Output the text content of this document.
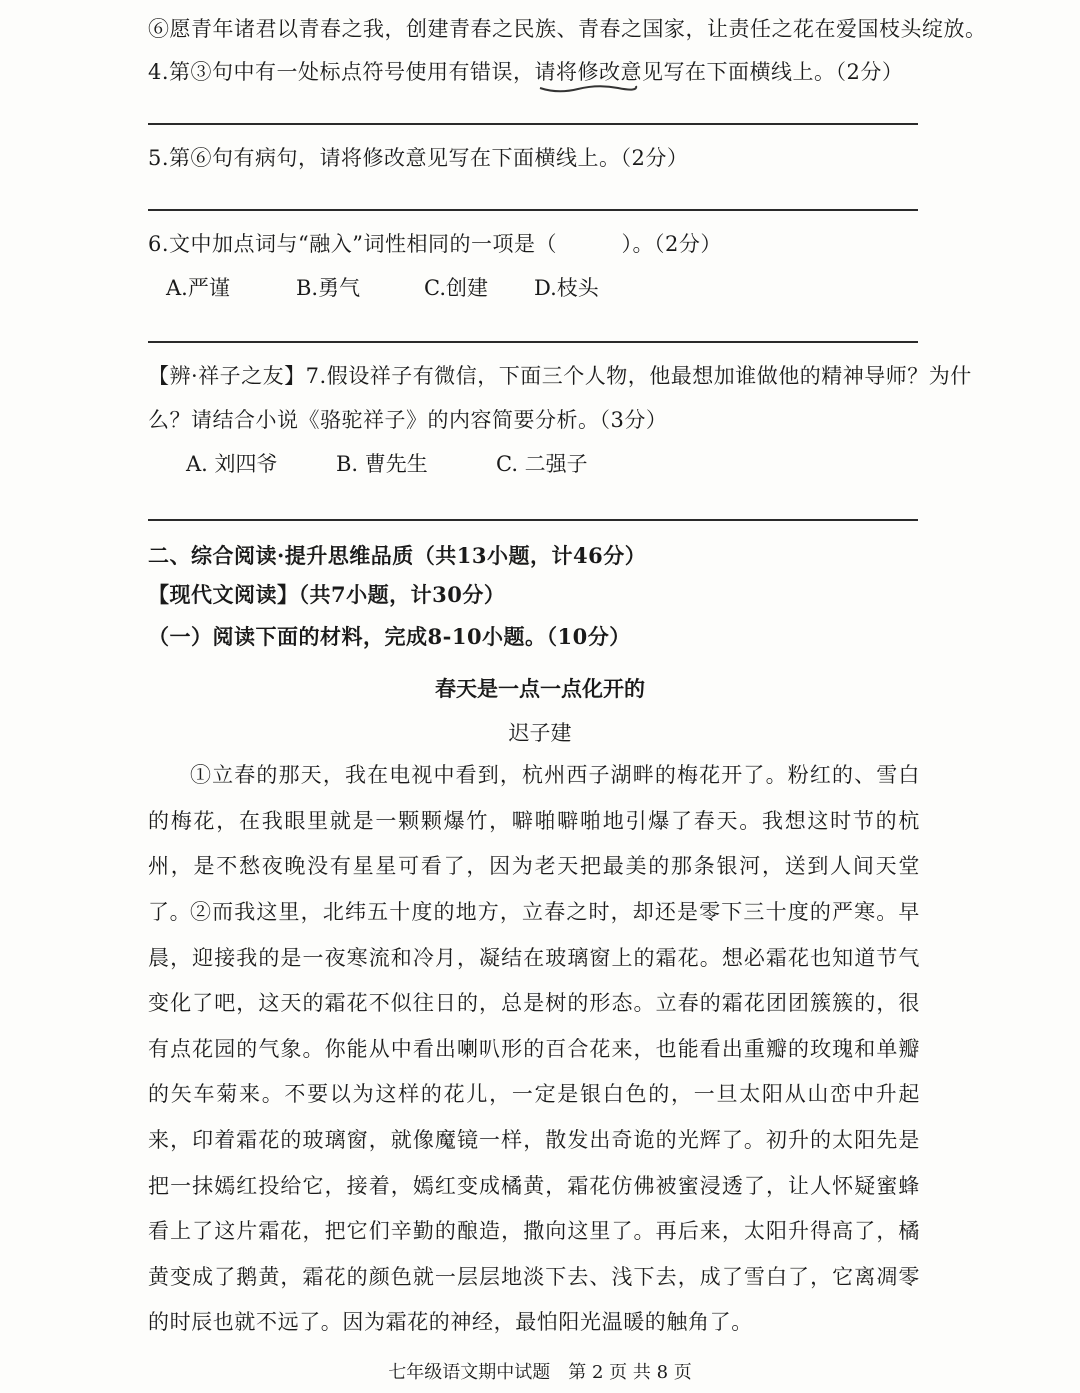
⑥愿青年诸君以青春之我，创建青春之民族、青春之国家，让责任之花在爱国枝头绽放。
4.第③句中有一处标点符号使用有错误，请将修改意见写在下面横线上。（2分）
5.第⑥句有病句，请将修改意见写在下面横线上。（2分）
6.文中加点词与“融入”词性相同的一项是（　　　）。（2分）
A.严谨	B.勇气	C.创建 D.枝头
【辨·祥子之友】7.假设祥子有微信，下面三个人物，他最想加谁做他的精神导师？为什
么？请结合小说《骆驼祥子》的内容简要分析。（3分）
A. 刘四爷	B. 曹先生	C. 二强子
二、综合阅读·提升思维品质（共13小题，计46分）
【现代文阅读】（共7小题，计30分）
（一）阅读下面的材料，完成8-10小题。（10分）
春天是一点一点化开的
迟子建
①立春的那天，我在电视中看到，杭州西子湖畔的梅花开了。粉红的、雪白的梅花，在我眼里就是一颗颗爆竹，噼啪噼啪地引爆了春天。我想这时节的杭州，是不愁夜晚没有星星可看了，因为老天把最美的那条银河，送到人间天堂了。
②而我这里，北纬五十度的地方，立春之时，却还是零下三十度的严寒。早晨，迎接我的是一夜寒流和冷月，凝结在玻璃窗上的霜花。想必霜花也知道节气变化了吧，这天的霜花不似往日的，总是树的形态。立春的霜花团团簇簇的，很有点花园的气象。你能从中看出喇叭形的百合花来，也能看出重瓣的玫瑰和单瓣的矢车菊来。不要以为这样的花儿，一定是银白色的，一旦太阳从山峦中升起来，印着霜花的玻璃窗，就像魔镜一样，散发出奇诡的光辉了。初升的太阳先是把一抹嫣红投给它，接着，嫣红变成橘黄，霜花仿佛被蜜浸透了，让人怀疑蜜蜂看上了这片霜花，把它们辛勤的酿造，撒向这里了。再后来，太阳升得高了，橘黄变成了鹅黄，霜花的颜色就一层层地淡下去、浅下去，成了雪白了，它离凋零的时辰也就不远了。因为霜花的神经，最怕阳光温暖的触角了。
七年级语文期中试题　第 2 页 共 8 页
